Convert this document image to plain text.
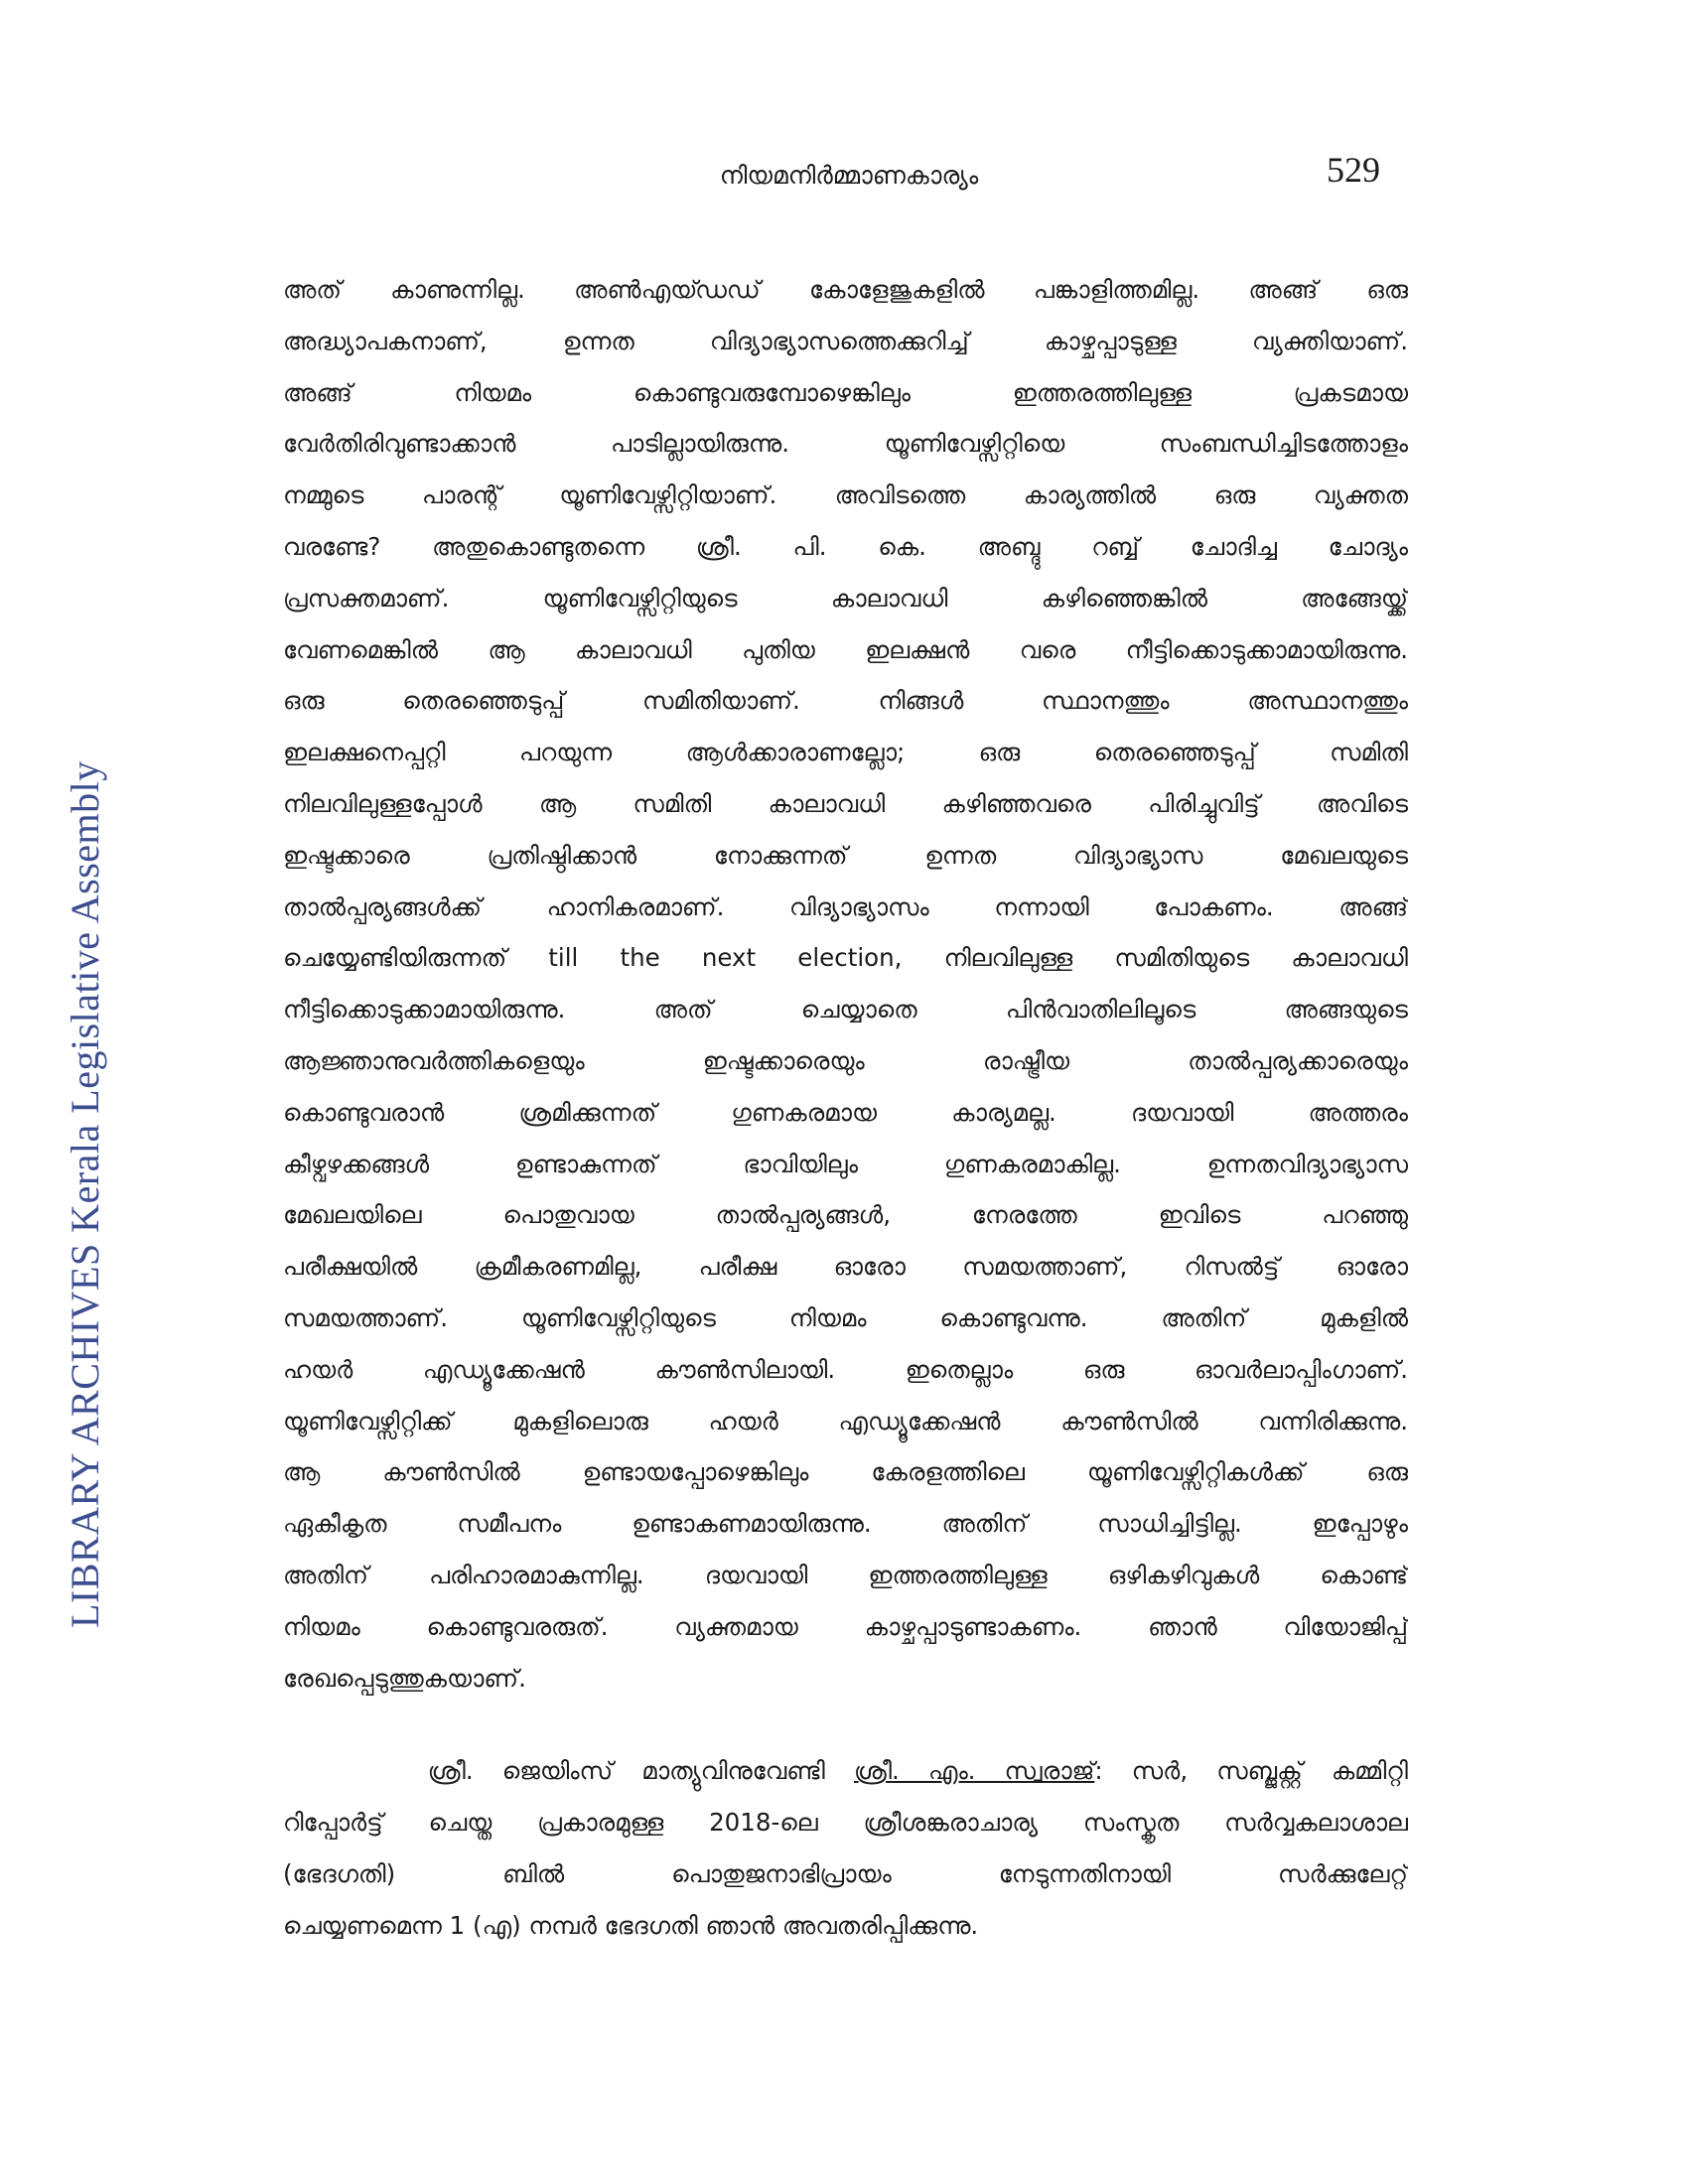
നിയമനിർമ്മാണകാര്യം	529
LIBRARY ARCHIVES Kerala Legislative Assembly
അത് കാണുന്നില്ല. അൺഎയ്ഡഡ് കോളേജുകളിൽ പങ്കാളിത്തമില്ല. അങ്ങ് ഒരു
അദ്ധ്യാപകനാണ്, ഉന്നത വിദ്യാഭ്യാസത്തെക്കുറിച്ച് കാഴ്ചപ്പാടുള്ള വ്യക്തിയാണ്.
അങ്ങ് നിയമം കൊണ്ടുവരുമ്പോഴെങ്കിലും ഇത്തരത്തിലുള്ള പ്രകടമായ
വേർതിരിവുണ്ടാക്കാൻ പാടില്ലായിരുന്നു. യൂണിവേഴ്സിറ്റിയെ സംബന്ധിച്ചിടത്തോളം
നമ്മുടെ പാരന്റ് യൂണിവേഴ്സിറ്റിയാണ്. അവിടത്തെ കാര്യത്തിൽ ഒരു വ്യക്തത
വരണ്ടേ? അതുകൊണ്ടുതന്നെ ശ്രീ. പി. കെ. അബ്ദു റബ്ബ് ചോദിച്ച ചോദ്യം
പ്രസക്തമാണ്. യൂണിവേഴ്സിറ്റിയുടെ കാലാവധി കഴിഞ്ഞെങ്കിൽ അങ്ങേയ്ക്ക്
വേണമെങ്കിൽ ആ കാലാവധി പുതിയ ഇലക്ഷൻ വരെ നീട്ടിക്കൊടുക്കാമായിരുന്നു.
ഒരു തെരഞ്ഞെടുപ്പ് സമിതിയാണ്. നിങ്ങൾ സ്ഥാനത്തും അസ്ഥാനത്തും
ഇലക്ഷനെപ്പറ്റി പറയുന്ന ആൾക്കാരാണല്ലോ; ഒരു തെരഞ്ഞെടുപ്പ് സമിതി
നിലവിലുള്ളപ്പോൾ ആ സമിതി കാലാവധി കഴിഞ്ഞവരെ പിരിച്ചുവിട്ട് അവിടെ
ഇഷ്ടക്കാരെ പ്രതിഷ്ഠിക്കാൻ നോക്കുന്നത് ഉന്നത വിദ്യാഭ്യാസ മേഖലയുടെ
താൽപ്പര്യങ്ങൾക്ക് ഹാനികരമാണ്. വിദ്യാഭ്യാസം നന്നായി പോകണം. അങ്ങ്
ചെയ്യേണ്ടിയിരുന്നത് till the next election, നിലവിലുള്ള സമിതിയുടെ കാലാവധി
നീട്ടിക്കൊടുക്കാമായിരുന്നു. അത് ചെയ്യാതെ പിൻവാതിലിലൂടെ അങ്ങയുടെ
ആജ്ഞാനുവർത്തികളെയും ഇഷ്ടക്കാരെയും രാഷ്ട്രീയ താൽപ്പര്യക്കാരെയും
കൊണ്ടുവരാൻ ശ്രമിക്കുന്നത് ഗുണകരമായ കാര്യമല്ല. ദയവായി അത്തരം
കീഴ്വഴക്കങ്ങൾ ഉണ്ടാകുന്നത് ഭാവിയിലും ഗുണകരമാകില്ല. ഉന്നതവിദ്യാഭ്യാസ
മേഖലയിലെ പൊതുവായ താൽപ്പര്യങ്ങൾ, നേരത്തേ ഇവിടെ പറഞ്ഞു
പരീക്ഷയിൽ ക്രമീകരണമില്ല, പരീക്ഷ ഓരോ സമയത്താണ്, റിസൽട്ട് ഓരോ
സമയത്താണ്. യൂണിവേഴ്സിറ്റിയുടെ നിയമം കൊണ്ടുവന്നു. അതിന് മുകളിൽ
ഹയർ എഡ്യൂക്കേഷൻ കൗൺസിലായി. ഇതെല്ലാം ഒരു ഓവർലാപ്പിംഗാണ്.
യൂണിവേഴ്സിറ്റിക്ക് മുകളിലൊരു ഹയർ എഡ്യൂക്കേഷൻ കൗൺസിൽ വന്നിരിക്കുന്നു.
ആ കൗൺസിൽ ഉണ്ടായപ്പോഴെങ്കിലും കേരളത്തിലെ യൂണിവേഴ്സിറ്റികൾക്ക് ഒരു
ഏകീകൃത സമീപനം ഉണ്ടാകണമായിരുന്നു. അതിന് സാധിച്ചിട്ടില്ല. ഇപ്പോഴും
അതിന് പരിഹാരമാകുന്നില്ല. ദയവായി ഇത്തരത്തിലുള്ള ഒഴികഴിവുകൾ കൊണ്ട്
നിയമം കൊണ്ടുവരരുത്. വ്യക്തമായ കാഴ്ചപ്പാടുണ്ടാകണം. ഞാൻ വിയോജിപ്പ്
രേഖപ്പെടുത്തുകയാണ്.
ശ്രീ. ജെയിംസ് മാത്യുവിനുവേണ്ടി ശ്രീ. എം. സ്വരാജ്: സർ, സബ്ജക്റ്റ് കമ്മിറ്റി
റിപ്പോർട്ട് ചെയ്ത പ്രകാരമുള്ള 2018-ലെ ശ്രീശങ്കരാചാര്യ സംസ്കൃത സർവ്വകലാശാല
(ഭേദഗതി) ബിൽ പൊതുജനാഭിപ്രായം നേടുന്നതിനായി സർക്കുലേറ്റ്
ചെയ്യണമെന്ന 1 (എ) നമ്പർ ഭേദഗതി ഞാൻ അവതരിപ്പിക്കുന്നു.
